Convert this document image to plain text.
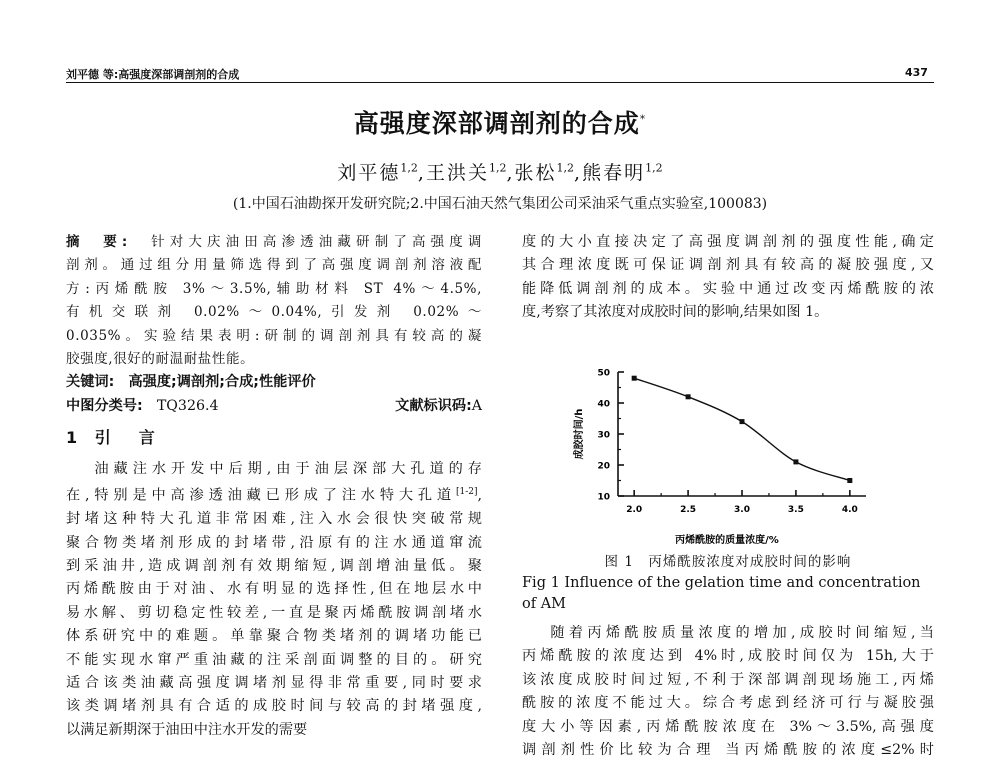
刘平德 等:高强度深部调剖剂的合成	437
高强度深部调剖剂的合成*
刘平德$^{1,2}$,王洪关$^{1,2}$,张松$^{1,2}$,熊春明$^{1,2}$
(1.中国石油勘探开发研究院;2.中国石油天然气集团公司采油采气重点实验室,100083)
摘　要:　 针对大庆油田高渗透油藏研制了高强度调
剖剂。通过组分用量筛选得到了高强度调剖剂溶液配
方:丙烯酰胺 3%～3.5%,辅助材料 ST 4%～4.5%,
有机交联剂 0.02%～0.04%,引发剂 0.02%～
0.035%。实验结果表明:研制的调剖剂具有较高的凝
胶强度,很好的耐温耐盐性能。
关键词:　 高强度;调剖剂;合成;性能评价
中图分类号:　 TQ326.4	文献标识码:A
1 引　言
油藏注水开发中后期,由于油层深部大孔道的存
在,特别是中高渗透油藏已形成了注水特大孔道[1-2],
封堵这种特大孔道非常困难,注入水会很快突破常规
聚合物类堵剂形成的封堵带,沿原有的注水通道窜流
到采油井,造成调剖剂有效期缩短,调剖增油量低。聚
丙烯酰胺由于对油、水有明显的选择性,但在地层水中
易水解、剪切稳定性较差,一直是聚丙烯酰胺调剖堵水
体系研究中的难题。单靠聚合物类堵剂的调堵功能已
不能实现水窜严重油藏的注采剖面调整的目的。研究
适合该类油藏高强度调堵剂显得非常重要,同时要求
该类调堵剂具有合适的成胶时间与较高的封堵强度,
以满足新期深于油田中注水开发的需要
度的大小直接决定了高强度调剖剂的强度性能,确定
其合理浓度既可保证调剖剂具有较高的凝胶强度,又
能降低调剖剂的成本。实验中通过改变丙烯酰胺的浓
度,考察了其浓度对成胶时间的影响,结果如图 1。
10
20
30
40
50
2.0	2.5	3.0	3.5	4.0
丙烯酰胺的质量浓度/%
成胶时间/h
图 1　丙烯酰胺浓度对成胶时间的影响
Fig 1 Influence of the gelation time and concentration of AM
随着丙烯酰胺质量浓度的增加,成胶时间缩短,当
丙烯酰胺的浓度达到 4%时,成胶时间仅为 15h,大于
该浓度成胶时间过短,不利于深部调剖现场施工,丙烯
酰胺的浓度不能过大。综合考虑到经济可行与凝胶强
度大小等因素,丙烯酰胺浓度在 3%～3.5%,高强度
调剖剂性价比较为合理 当丙烯酰胺的浓度≤2%时
